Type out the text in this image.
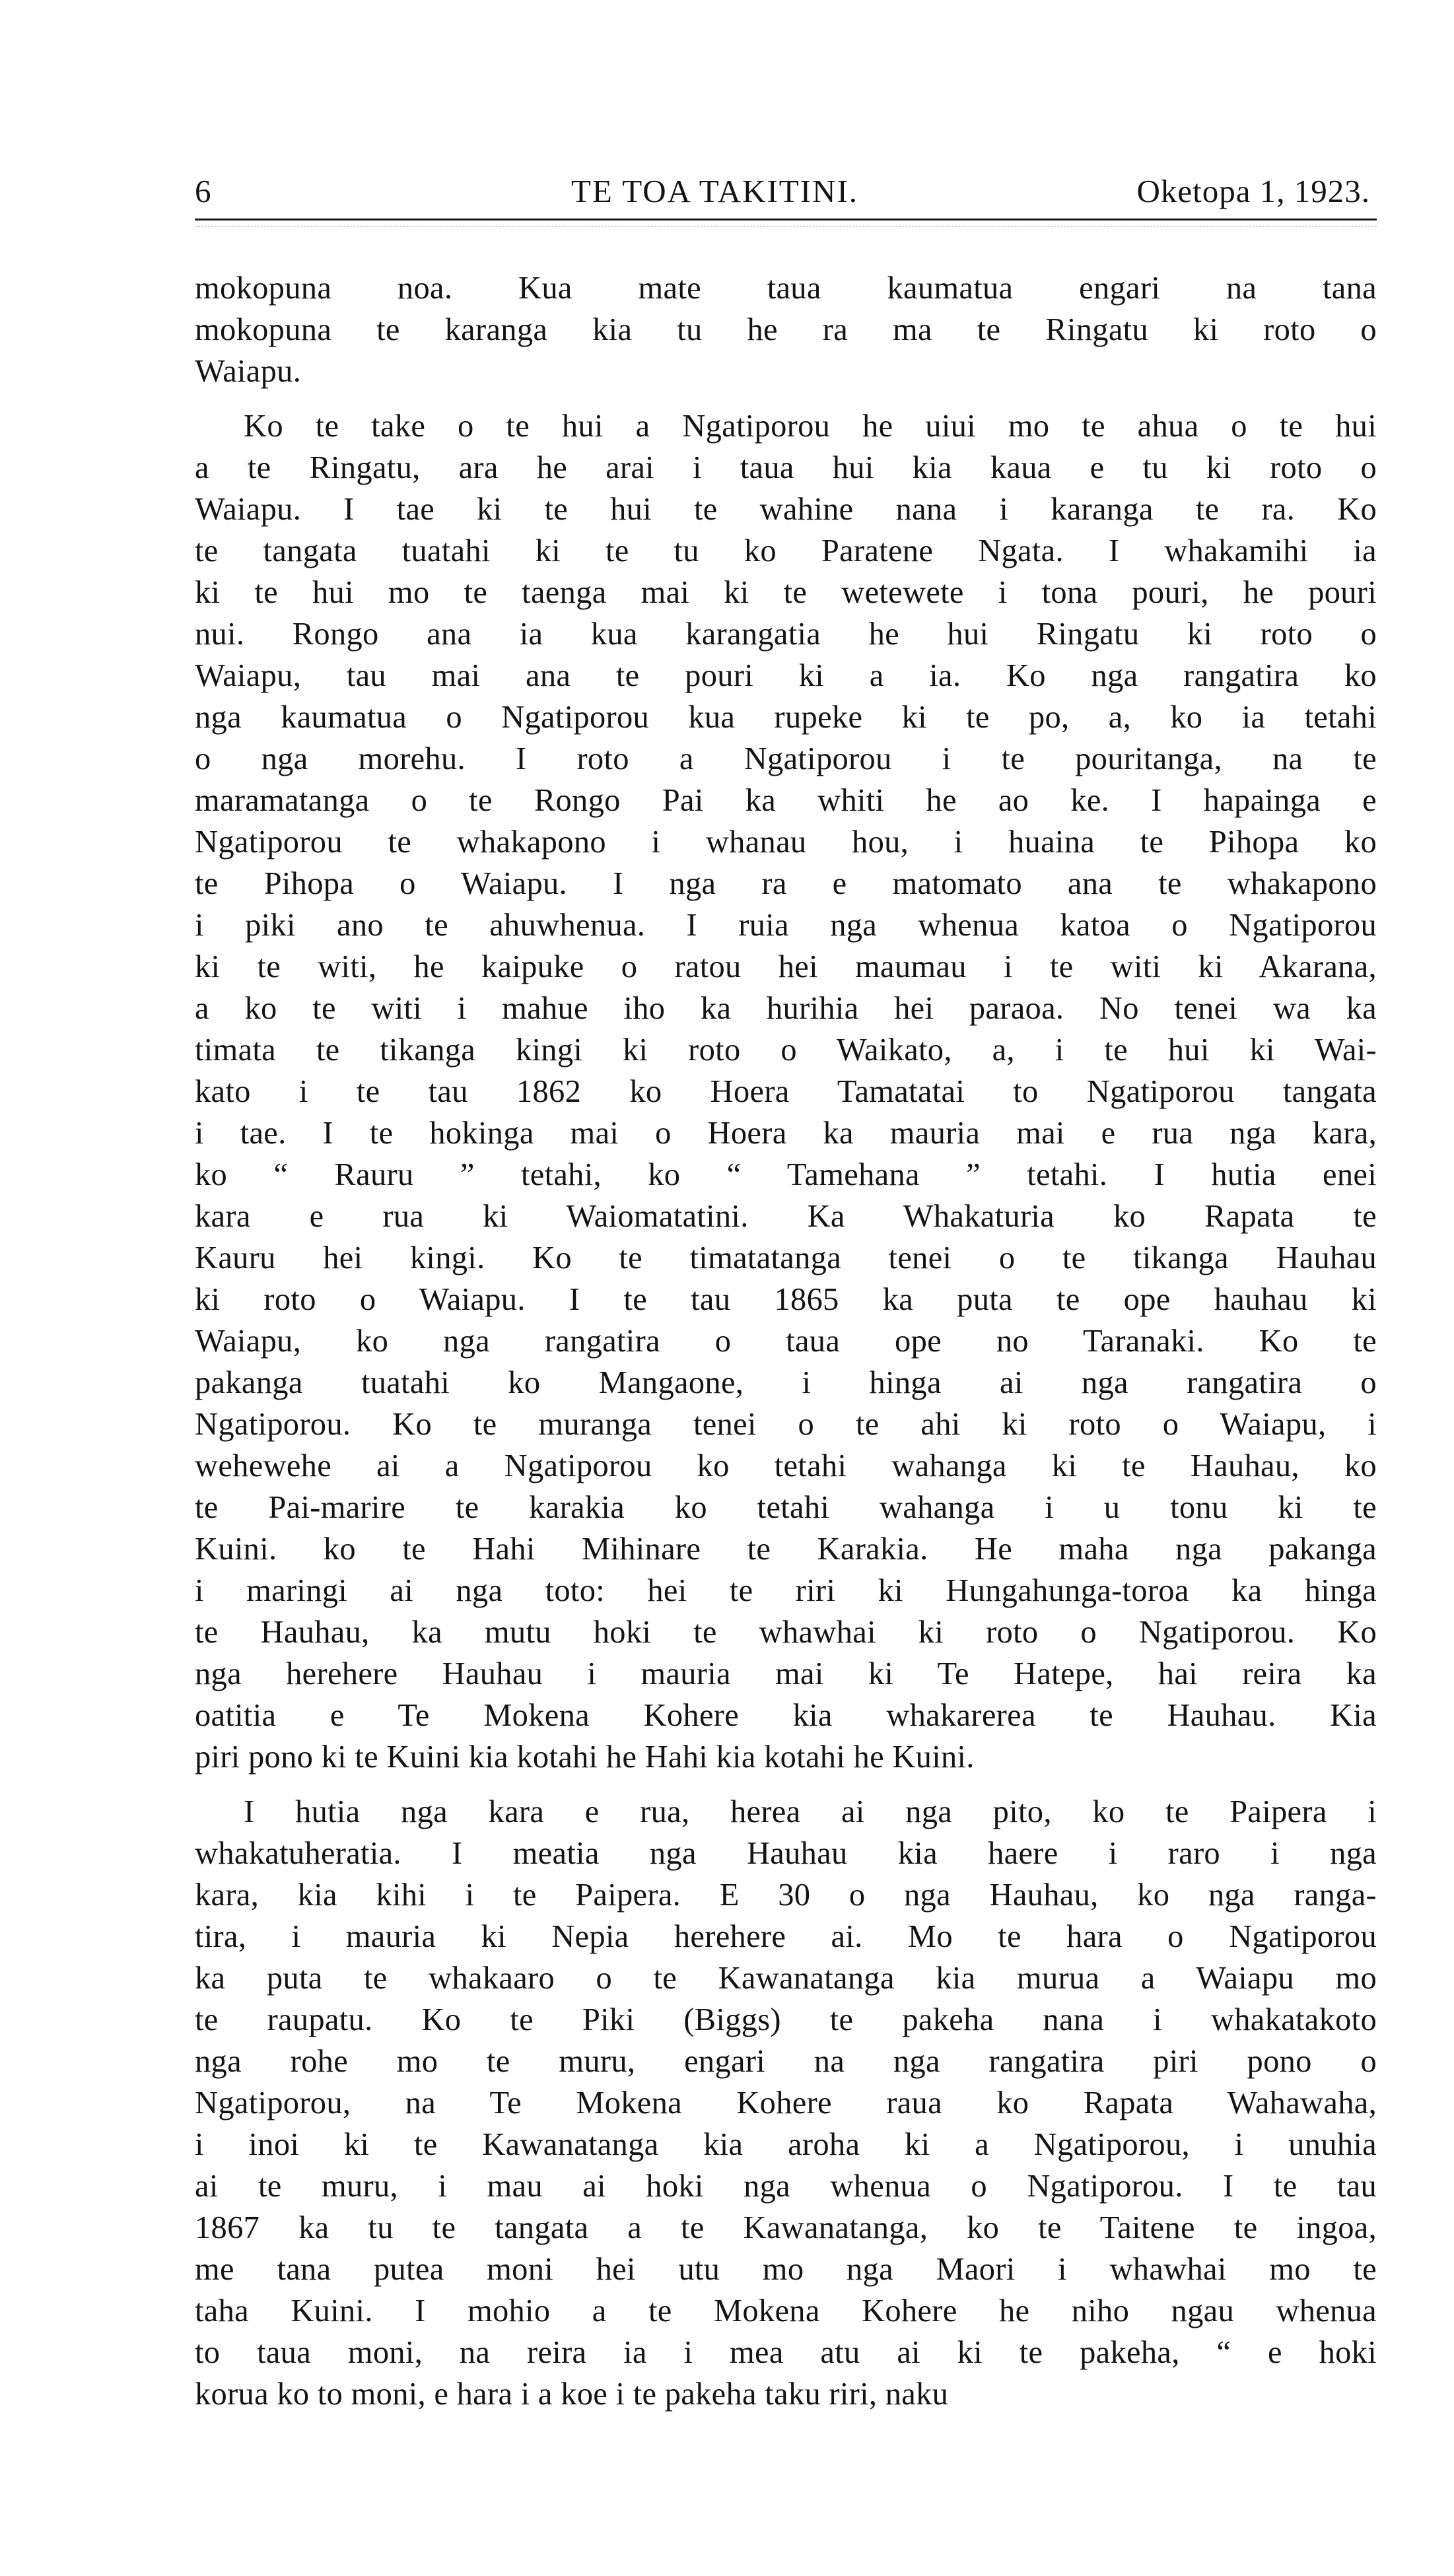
6	TE TOA TAKITINI.	Oketopa 1, 1923.
mokopuna noa. Kua mate taua kaumatua engari na tana
mokopuna te karanga kia tu he ra ma te Ringatu ki roto o
Waiapu.
Ko te take o te hui a Ngatiporou he uiui mo te ahua o te hui
a te Ringatu, ara he arai i taua hui kia kaua e tu ki roto o
Waiapu. I tae ki te hui te wahine nana i karanga te ra. Ko
te tangata tuatahi ki te tu ko Paratene Ngata. I whakamihi ia
ki te hui mo te taenga mai ki te wetewete i tona pouri, he pouri
nui. Rongo ana ia kua karangatia he hui Ringatu ki roto o
Waiapu, tau mai ana te pouri ki a ia. Ko nga rangatira ko
nga kaumatua o Ngatiporou kua rupeke ki te po, a, ko ia tetahi
o nga morehu. I roto a Ngatiporou i te pouritanga, na te
maramatanga o te Rongo Pai ka whiti he ao ke. I hapainga e
Ngatiporou te whakapono i whanau hou, i huaina te Pihopa ko
te Pihopa o Waiapu. I nga ra e matomato ana te whakapono
i piki ano te ahuwhenua. I ruia nga whenua katoa o Ngatiporou
ki te witi, he kaipuke o ratou hei maumau i te witi ki Akarana,
a ko te witi i mahue iho ka hurihia hei paraoa. No tenei wa ka
timata te tikanga kingi ki roto o Waikato, a, i te hui ki Wai-
kato i te tau 1862 ko Hoera Tamatatai to Ngatiporou tangata
i tae. I te hokinga mai o Hoera ka mauria mai e rua nga kara,
ko “ Rauru ” tetahi, ko “ Tamehana ” tetahi. I hutia enei
kara e rua ki Waiomatatini. Ka Whakaturia ko Rapata te
Kauru hei kingi. Ko te timatatanga tenei o te tikanga Hauhau
ki roto o Waiapu. I te tau 1865 ka puta te ope hauhau ki
Waiapu, ko nga rangatira o taua ope no Taranaki. Ko te
pakanga tuatahi ko Mangaone, i hinga ai nga rangatira o
Ngatiporou. Ko te muranga tenei o te ahi ki roto o Waiapu, i
wehewehe ai a Ngatiporou ko tetahi wahanga ki te Hauhau, ko
te Pai-marire te karakia ko tetahi wahanga i u tonu ki te
Kuini. ko te Hahi Mihinare te Karakia. He maha nga pakanga
i maringi ai nga toto: hei te riri ki Hungahunga-toroa ka hinga
te Hauhau, ka mutu hoki te whawhai ki roto o Ngatiporou. Ko
nga herehere Hauhau i mauria mai ki Te Hatepe, hai reira ka
oatitia e Te Mokena Kohere kia whakarerea te Hauhau. Kia
piri pono ki te Kuini kia kotahi he Hahi kia kotahi he Kuini.
I hutia nga kara e rua, herea ai nga pito, ko te Paipera i
whakatuheratia. I meatia nga Hauhau kia haere i raro i nga
kara, kia kihi i te Paipera. E 30 o nga Hauhau, ko nga ranga-
tira, i mauria ki Nepia herehere ai. Mo te hara o Ngatiporou
ka puta te whakaaro o te Kawanatanga kia murua a Waiapu mo
te raupatu. Ko te Piki (Biggs) te pakeha nana i whakatakoto
nga rohe mo te muru, engari na nga rangatira piri pono o
Ngatiporou, na Te Mokena Kohere raua ko Rapata Wahawaha,
i inoi ki te Kawanatanga kia aroha ki a Ngatiporou, i unuhia
ai te muru, i mau ai hoki nga whenua o Ngatiporou. I te tau
1867 ka tu te tangata a te Kawanatanga, ko te Taitene te ingoa,
me tana putea moni hei utu mo nga Maori i whawhai mo te
taha Kuini. I mohio a te Mokena Kohere he niho ngau whenua
to taua moni, na reira ia i mea atu ai ki te pakeha, “ e hoki
korua ko to moni, e hara i a koe i te pakeha taku riri, naku
